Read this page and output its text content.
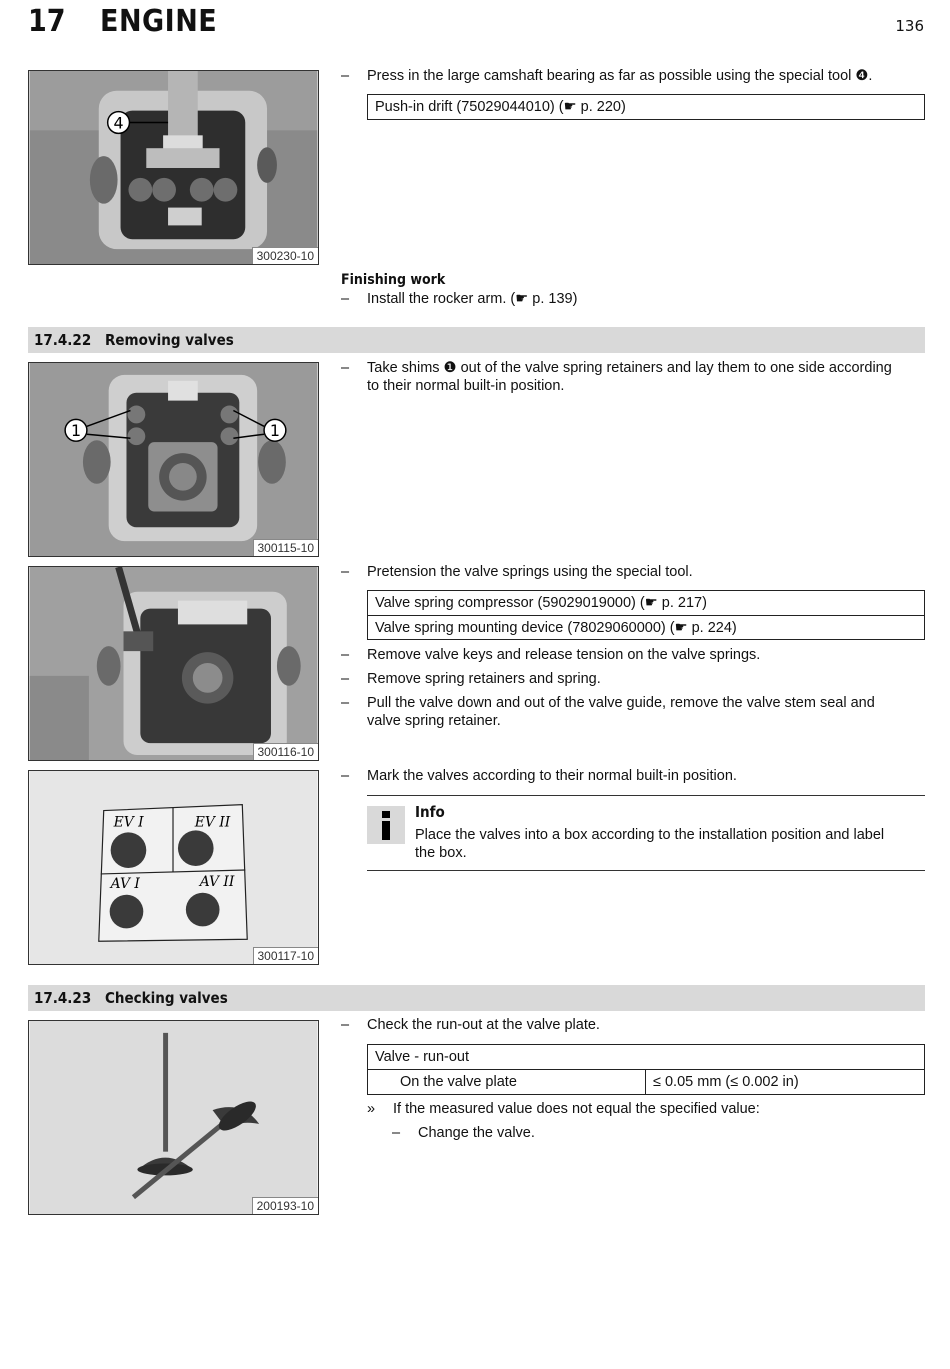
17 ENGINE	136
4
300230-10
– Press in the large camshaft bearing as far as possible using the special tool ❹.
Push-in drift (75029044010) (☛ p. 220)
Finishing work
– Install the rocker arm. (☛ p. 139)
17.4.22 Removing valves
1	1
300115-10
– Take shims ❶ out of the valve spring retainers and lay them to one side according
to their normal built-in position.
300116-10
– Pretension the valve springs using the special tool.
Valve spring compressor (59029019000) (☛ p. 217)
Valve spring mounting device (78029060000) (☛ p. 224)
– Remove valve keys and release tension on the valve springs.
– Remove spring retainers and spring.
– Pull the valve down and out of the valve guide, remove the valve stem seal and
valve spring retainer.
EV I	EV II
AV I	AV II
300117-10
– Mark the valves according to their normal built-in position.
Info
Place the valves into a box according to the installation position and label
the box.
17.4.23 Checking valves
200193-10
– Check the run-out at the valve plate.
Valve - run-out
On the valve plate	≤ 0.05 mm (≤ 0.002 in)
» If the measured value does not equal the specified value:
– Change the valve.
